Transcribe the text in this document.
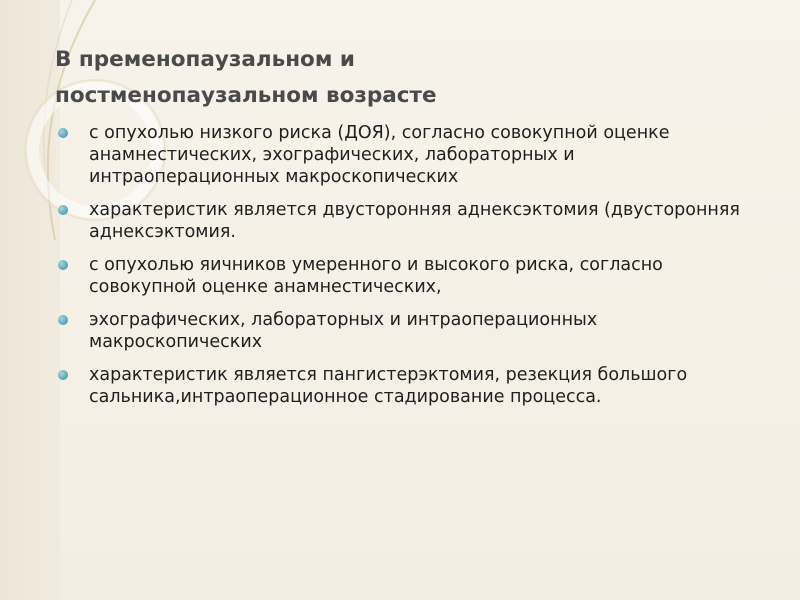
В пременопаузальном и постменопаузальном возрасте
с опухолью низкого риска (ДОЯ), согласно совокупной оценке анамнестических, эхографических, лабораторных и интраоперационных макроскопических
характеристик является двусторонняя аднексэктомия (двусторонняя аднексэктомия.
с опухолью яичников умеренного и высокого риска, согласно совокупной оценке анамнестических,
эхографических, лабораторных и интраоперационных макроскопических
характеристик является пангистерэктомия, резекция большого сальника,интраоперационное стадирование процесса.
